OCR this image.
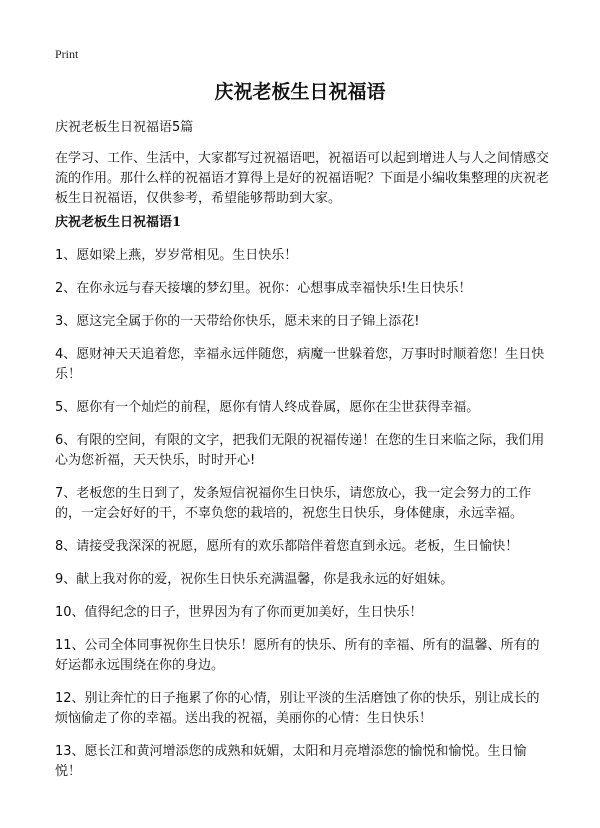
Print
庆祝老板生日祝福语

庆祝老板生日祝福语5篇

在学习、工作、生活中，大家都写过祝福语吧，祝福语可以起到增进人与人之间情感交流的作用。那什么样的祝福语才算得上是好的祝福语呢？下面是小编收集整理的庆祝老板生日祝福语，仅供参考，希望能够帮助到大家。

庆祝老板生日祝福语1
1、愿如梁上燕，岁岁常相见。生日快乐！
2、在你永远与春天接壤的梦幻里。祝你：心想事成幸福快乐!生日快乐！
3、愿这完全属于你的一天带给你快乐，愿未来的日子锦上添花!
4、愿财神天天追着您，幸福永远伴随您，病魔一世躲着您，万事时时顺着您！生日快乐！
5、愿你有一个灿烂的前程，愿你有情人终成眷属，愿你在尘世获得幸福。
6、有限的空间，有限的文字，把我们无限的祝福传递！在您的生日来临之际，我们用心为您祈福，天天快乐，时时开心!
7、老板您的生日到了，发条短信祝福你生日快乐，请您放心，我一定会努力的工作的，一定会好好的干，不辜负您的栽培的，祝您生日快乐，身体健康，永远幸福。
8、请接受我深深的祝愿，愿所有的欢乐都陪伴着您直到永远。老板，生日愉快！
9、献上我对你的爱，祝你生日快乐充满温馨，你是我永远的好姐妹。
10、值得纪念的日子，世界因为有了你而更加美好，生日快乐！
11、公司全体同事祝你生日快乐！愿所有的快乐、所有的幸福、所有的温馨、所有的好运都永远围绕在你的身边。
12、别让奔忙的日子拖累了你的心情，别让平淡的生活磨蚀了你的快乐，别让成长的烦恼偷走了你的幸福。送出我的祝福，美丽你的心情：生日快乐！
13、愿长江和黄河增添您的成熟和妩媚，太阳和月亮增添您的愉悦和愉悦。生日愉悦！
